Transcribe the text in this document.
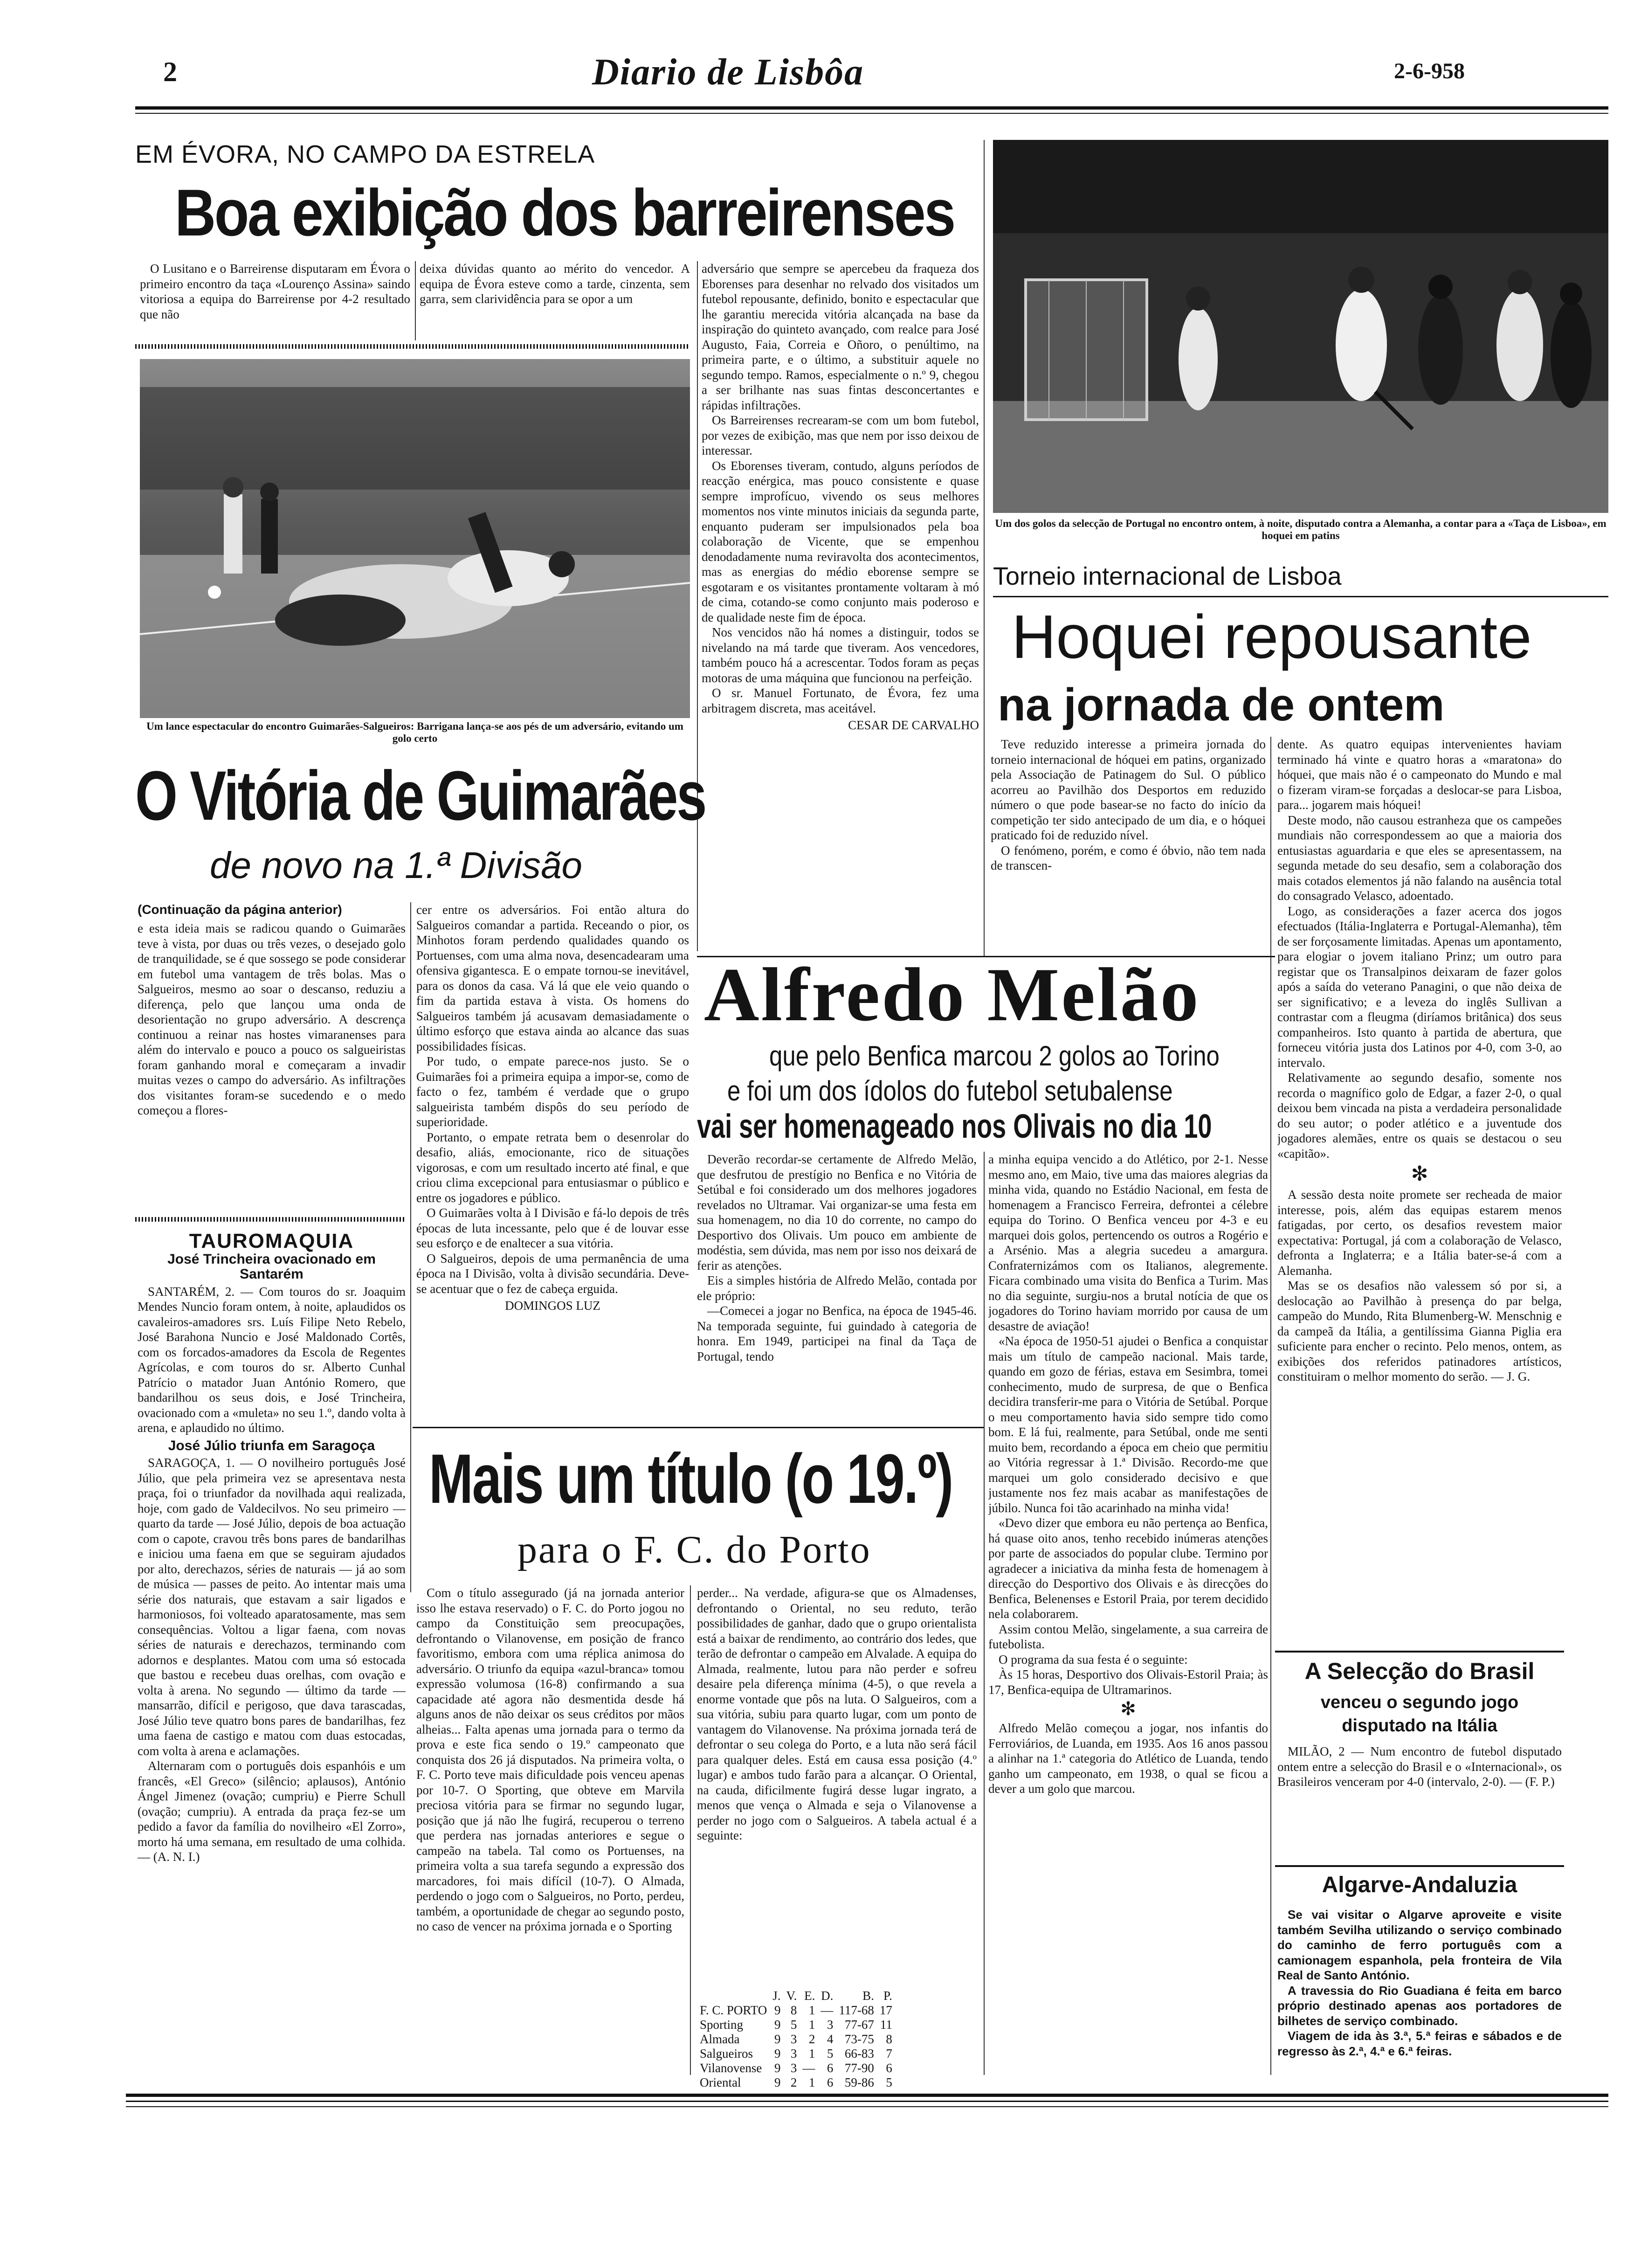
2	Diario de Lisbôa	2-6-958
EM ÉVORA, NO CAMPO DA ESTRELA
Boa exibição dos barreirenses

O Lusitano e o Barreirense disputaram em Évora o primeiro encontro da taça «Lourenço Assina» saindo vitoriosa a equipa do Barreirense por 4-2 resultado que não

deixa dúvidas quanto ao mérito do vencedor. A equipa de Évora esteve como a tarde, cinzenta, sem garra, sem clarividência para se opor a um

Um lance espectacular do encontro Guimarães-Salgueiros: Barrigana lança-se aos pés de um adversário, evitando um golo certo

adversário que sempre se apercebeu da fraqueza dos Eborenses para desenhar no relvado dos visitados um futebol repousante, definido, bonito e espectacular que lhe garantiu merecida vitória alcançada na base da inspiração do quinteto avançado, com realce para José Augusto, Faia, Correia e Oñoro, o penúltimo, na primeira parte, e o último, a substituir aquele no segundo tempo. Ramos, especialmente o n.º 9, chegou a ser brilhante nas suas fintas desconcertantes e rápidas infiltrações.

Os Barreirenses recrearam-se com um bom futebol, por vezes de exibição, mas que nem por isso deixou de interessar.

Os Eborenses tiveram, contudo, alguns períodos de reacção enérgica, mas pouco consistente e quase sempre improfícuo, vivendo os seus melhores momentos nos vinte minutos iniciais da segunda parte, enquanto puderam ser impulsionados pela boa colaboração de Vicente, que se empenhou denodadamente numa reviravolta dos acontecimentos, mas as energias do médio eborense sempre se esgotaram e os visitantes prontamente voltaram à mó de cima, cotando-se como conjunto mais poderoso e de qualidade neste fim de época.

Nos vencidos não há nomes a distinguir, todos se nivelando na má tarde que tiveram. Aos vencedores, também pouco há a acrescentar. Todos foram as peças motoras de uma máquina que funcionou na perfeição.

O sr. Manuel Fortunato, de Évora, fez uma arbitragem discreta, mas aceitável.

CESAR DE CARVALHO
O Vitória de Guimarães
de novo na 1.ª Divisão
(Continuação da página anterior)

e esta ideia mais se radicou quando o Guimarães teve à vista, por duas ou três vezes, o desejado golo de tranquilidade, se é que sossego se pode considerar em futebol uma vantagem de três bolas. Mas o Salgueiros, mesmo ao soar o descanso, reduziu a diferença, pelo que lançou uma onda de desorientação no grupo adversário. A descrença continuou a reinar nas hostes vimaranenses para além do intervalo e pouco a pouco os salgueiristas foram ganhando moral e começaram a invadir muitas vezes o campo do adversário. As infiltrações dos visitantes foram-se sucedendo e o medo começou a flores-

cer entre os adversários. Foi então altura do Salgueiros comandar a partida. Receando o pior, os Minhotos foram perdendo qualidades quando os Portuenses, com uma alma nova, desencadearam uma ofensiva gigantesca. E o empate tornou-se inevitável, para os donos da casa. Vá lá que ele veio quando o fim da partida estava à vista. Os homens do Salgueiros também já acusavam demasiadamente o último esforço que estava ainda ao alcance das suas possibilidades físicas.

Por tudo, o empate parece-nos justo. Se o Guimarães foi a primeira equipa a impor-se, como de facto o fez, também é verdade que o grupo salgueirista também dispôs do seu período de superioridade.

Portanto, o empate retrata bem o desenrolar do desafio, aliás, emocionante, rico de situações vigorosas, e com um resultado incerto até final, e que criou clima excepcional para entusiasmar o público e entre os jogadores e público.

O Guimarães volta à I Divisão e fá-lo depois de três épocas de luta incessante, pelo que é de louvar esse seu esforço e de enaltecer a sua vitória.

O Salgueiros, depois de uma permanência de uma época na I Divisão, volta à divisão secundária. Deve-se acentuar que o fez de cabeça erguida.

DOMINGOS LUZ
TAUROMAQUIA
José Trincheira ovacionado em Santarém

SANTARÉM, 2. — Com touros do sr. Joaquim Mendes Nuncio foram ontem, à noite, aplaudidos os cavaleiros-amadores srs. Luís Filipe Neto Rebelo, José Barahona Nuncio e José Maldonado Cortês, com os forcados-amadores da Escola de Regentes Agrícolas, e com touros do sr. Alberto Cunhal Patrício o matador Juan António Romero, que bandarilhou os seus dois, e José Trincheira, ovacionado com a «muleta» no seu 1.º, dando volta à arena, e aplaudido no último.

José Júlio triunfa em Saragoça

SARAGOÇA, 1. — O novilheiro português José Júlio, que pela primeira vez se apresentava nesta praça, foi o triunfador da novilhada aqui realizada, hoje, com gado de Valdecilvos. No seu primeiro — quarto da tarde — José Júlio, depois de boa actuação com o capote, cravou três bons pares de bandarilhas e iniciou uma faena em que se seguiram ajudados por alto, derechazos, séries de naturais — já ao som de música — passes de peito. Ao intentar mais uma série dos naturais, que estavam a sair ligados e harmoniosos, foi volteado aparatosamente, mas sem consequências. Voltou a ligar faena, com novas séries de naturais e derechazos, terminando com adornos e desplantes. Matou com uma só estocada que bastou e recebeu duas orelhas, com ovação e volta à arena. No segundo — último da tarde — mansarrão, difícil e perigoso, que dava tarascadas, José Júlio teve quatro bons pares de bandarilhas, fez uma faena de castigo e matou com duas estocadas, com volta à arena e aclamações.

Alternaram com o português dois espanhóis e um francês, «El Greco» (silêncio; aplausos), António Ángel Jimenez (ovação; cumpriu) e Pierre Schull (ovação; cumpriu). A entrada da praça fez-se um pedido a favor da família do novilheiro «El Zorro», morto há uma semana, em resultado de uma colhida. — (A. N. I.)

Mais um título (o 19.º)
para o F. C. do Porto

Com o título assegurado (já na jornada anterior isso lhe estava reservado) o F. C. do Porto jogou no campo da Constituição sem preocupações, defrontando o Vilanovense, em posição de franco favoritismo, embora com uma réplica animosa do adversário. O triunfo da equipa «azul-branca» tomou expressão volumosa (16-8) confirmando a sua capacidade até agora não desmentida desde há alguns anos de não deixar os seus créditos por mãos alheias... Falta apenas uma jornada para o termo da prova e este fica sendo o 19.º campeonato que conquista dos 26 já disputados. Na primeira volta, o F. C. Porto teve mais dificuldade pois venceu apenas por 10-7. O Sporting, que obteve em Marvila preciosa vitória para se firmar no segundo lugar, posição que já não lhe fugirá, recuperou o terreno que perdera nas jornadas anteriores e segue o campeão na tabela. Tal como os Portuenses, na primeira volta a sua tarefa segundo a expressão dos marcadores, foi mais difícil (10-7). O Almada, perdendo o jogo com o Salgueiros, no Porto, perdeu, também, a oportunidade de chegar ao segundo posto, no caso de vencer na próxima jornada e o Sporting

perder... Na verdade, afigura-se que os Almadenses, defrontando o Oriental, no seu reduto, terão possibilidades de ganhar, dado que o grupo orientalista está a baixar de rendimento, ao contrário dos ledes, que terão de defrontar o campeão em Alvalade. A equipa do Almada, realmente, lutou para não perder e sofreu desaire pela diferença mínima (4-5), o que revela a enorme vontade que pôs na luta. O Salgueiros, com a sua vitória, subiu para quarto lugar, com um ponto de vantagem do Vilanovense. Na próxima jornada terá de defrontar o seu colega do Porto, e a luta não será fácil para qualquer deles. Está em causa essa posição (4.º lugar) e ambos tudo farão para a alcançar. O Oriental, na cauda, dificilmente fugirá desse lugar ingrato, a menos que vença o Almada e seja o Vilanovense a perder no jogo com o Salgueiros. A tabela actual é a seguinte:

	J.	V.	E.	D.	B.	P.
F. C. PORTO	9	8	1	—	117-68	17
Sporting	9	5	1	3	77-67	11
Almada	9	3	2	4	73-75	8
Salgueiros	9	3	1	5	66-83	7
Vilanovense	9	3	—	6	77-90	6
Oriental	9	2	1	6	59-86	5
Um dos golos da selecção de Portugal no encontro ontem, à noite, disputado contra a Alemanha, a contar para a «Taça de Lisboa», em hoquei em patins
Torneio internacional de Lisboa
Hoquei repousante
na jornada de ontem

Teve reduzido interesse a primeira jornada do torneio internacional de hóquei em patins, organizado pela Associação de Patinagem do Sul. O público acorreu ao Pavilhão dos Desportos em reduzido número o que pode basear-se no facto do início da competição ter sido antecipado de um dia, e o hóquei praticado foi de reduzido nível.

O fenómeno, porém, e como é óbvio, não tem nada de transcen-

dente. As quatro equipas intervenientes haviam terminado há vinte e quatro horas a «maratona» do hóquei, que mais não é o campeonato do Mundo e mal o fizeram viram-se forçadas a deslocar-se para Lisboa, para... jogarem mais hóquei!

Deste modo, não causou estranheza que os campeões mundiais não correspondessem ao que a maioria dos entusiastas aguardaria e que eles se apresentassem, na segunda metade do seu desafio, sem a colaboração dos mais cotados elementos já não falando na ausência total do consagrado Velasco, adoentado.

Logo, as considerações a fazer acerca dos jogos efectuados (Itália-Inglaterra e Portugal-Alemanha), têm de ser forçosamente limitadas. Apenas um apontamento, para elogiar o jovem italiano Prinz; um outro para registar que os Transalpinos deixaram de fazer golos após a saída do veterano Panagini, o que não deixa de ser significativo; e a leveza do inglês Sullivan a contrastar com a fleugma (diríamos britânica) dos seus companheiros. Isto quanto à partida de abertura, que forneceu vitória justa dos Latinos por 4-0, com 3-0, ao intervalo.

Relativamente ao segundo desafio, somente nos recorda o magnífico golo de Edgar, a fazer 2-0, o qual deixou bem vincada na pista a verdadeira personalidade do seu autor; o poder atlético e a juventude dos jogadores alemães, entre os quais se destacou o seu «capitão».

✻

A sessão desta noite promete ser recheada de maior interesse, pois, além das equipas estarem menos fatigadas, por certo, os desafios revestem maior expectativa: Portugal, já com a colaboração de Velasco, defronta a Inglaterra; e a Itália bater-se-á com a Alemanha.

Mas se os desafios não valessem só por si, a deslocação ao Pavilhão à presença do par belga, campeão do Mundo, Rita Blumenberg-W. Menschnig e da campeã da Itália, a gentilíssima Gianna Piglia era suficiente para encher o recinto. Pelo menos, ontem, as exibições dos referidos patinadores artísticos, constituiram o melhor momento do serão. — J. G.

Alfredo Melão
que pelo Benfica marcou 2 golos ao Torino
e foi um dos ídolos do futebol setubalense
vai ser homenageado nos Olivais no dia 10

Deverão recordar-se certamente de Alfredo Melão, que desfrutou de prestígio no Benfica e no Vitória de Setúbal e foi considerado um dos melhores jogadores revelados no Ultramar. Vai organizar-se uma festa em sua homenagem, no dia 10 do corrente, no campo do Desportivo dos Olivais. Um pouco em ambiente de modéstia, sem dúvida, mas nem por isso nos deixará de ferir as atenções.

Eis a simples história de Alfredo Melão, contada por ele próprio:

—Comecei a jogar no Benfica, na época de 1945-46. Na temporada seguinte, fui guindado à categoria de honra. Em 1949, participei na final da Taça de Portugal, tendo

a minha equipa vencido a do Atlético, por 2-1. Nesse mesmo ano, em Maio, tive uma das maiores alegrias da minha vida, quando no Estádio Nacional, em festa de homenagem a Francisco Ferreira, defrontei a célebre equipa do Torino. O Benfica venceu por 4-3 e eu marquei dois golos, pertencendo os outros a Rogério e a Arsénio. Mas a alegria sucedeu a amargura. Confraternizámos com os Italianos, alegremente. Ficara combinado uma visita do Benfica a Turim. Mas no dia seguinte, surgiu-nos a brutal notícia de que os jogadores do Torino haviam morrido por causa de um desastre de aviação!

«Na época de 1950-51 ajudei o Benfica a conquistar mais um título de campeão nacional. Mais tarde, quando em gozo de férias, estava em Sesimbra, tomei conhecimento, mudo de surpresa, de que o Benfica decidira transferir-me para o Vitória de Setúbal. Porque o meu comportamento havia sido sempre tido como bom. E lá fui, realmente, para Setúbal, onde me senti muito bem, recordando a época em cheio que permitiu ao Vitória regressar à 1.ª Divisão. Recordo-me que marquei um golo considerado decisivo e que justamente nos fez mais acabar as manifestações de júbilo. Nunca foi tão acarinhado na minha vida!

«Devo dizer que embora eu não pertença ao Benfica, há quase oito anos, tenho recebido inúmeras atenções por parte de associados do popular clube. Termino por agradecer a iniciativa da minha festa de homenagem à direcção do Desportivo dos Olivais e às direcções do Benfica, Belenenses e Estoril Praia, por terem decidido nela colaborarem.

Assim contou Melão, singelamente, a sua carreira de futebolista.

O programa da sua festa é o seguinte:

Às 15 horas, Desportivo dos Olivais-Estoril Praia; às 17, Benfica-equipa de Ultramarinos.

✻

Alfredo Melão começou a jogar, nos infantis do Ferroviários, de Luanda, em 1935. Aos 16 anos passou a alinhar na 1.ª categoria do Atlético de Luanda, tendo ganho um campeonato, em 1938, o qual se ficou a dever a um golo que marcou.

A Selecção do Brasil
venceu o segundo jogo
disputado na Itália

MILÃO, 2 — Num encontro de futebol disputado ontem entre a selecção do Brasil e o «Internacional», os Brasileiros venceram por 4-0 (intervalo, 2-0). — (F. P.)

Algarve-Andaluzia

Se vai visitar o Algarve aproveite e visite também Sevilha utilizando o serviço combinado do caminho de ferro português com a camionagem espanhola, pela fronteira de Vila Real de Santo António.

A travessia do Rio Guadiana é feita em barco próprio destinado apenas aos portadores de bilhetes de serviço combinado.

Viagem de ida às 3.ª, 5.ª feiras e sábados e de regresso às 2.ª, 4.ª e 6.ª feiras.
